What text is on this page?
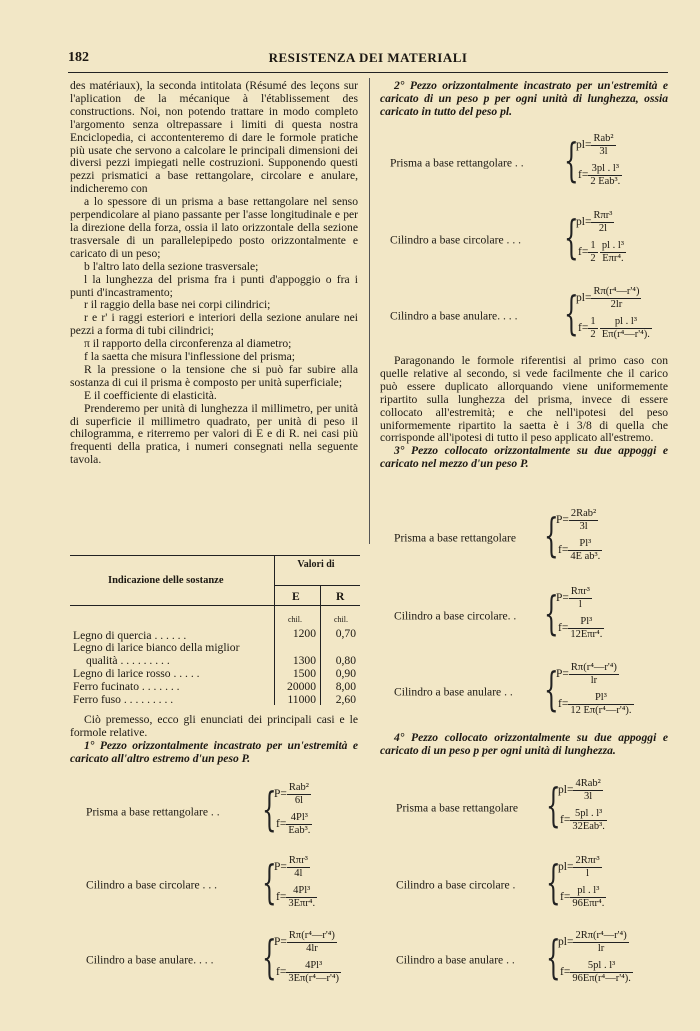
182	RESISTENZA DEI MATERIALI

des matériaux), la seconda intitolata (Résumé des leçons sur l'aplication de la mécanique à l'établissement des constructions. Noi, non potendo trattare in modo completo l'argomento senza oltrepassare i limiti di questa nostra Enciclopedia, ci accontenteremo di dare le formole pratiche più usate che servono a calcolare le principali dimensioni dei diversi pezzi impiegati nelle costruzioni. Supponendo questi pezzi prismatici a base rettangolare, circolare e anulare, indicheremo con

a lo spessore di un prisma a base rettangolare nel senso perpendicolare al piano passante per l'asse longitudinale e per la direzione della forza, ossia il lato orizzontale della sezione trasversale di un parallelepipedo posto orizzontalmente e caricato di un peso;

b l'altro lato della sezione trasversale;

l la lunghezza del prisma fra i punti d'appoggio o fra i punti d'incastramento;

r il raggio della base nei corpi cilindrici;

r e r' i raggi esteriori e interiori della sezione anulare nei pezzi a forma di tubi cilindrici;

π il rapporto della circonferenza al diametro;

f la saetta che misura l'inflessione del prisma;

R la pressione o la tensione che si può far subire alla sostanza di cui il prisma è composto per unità superficiale;

E il coefficiente di elasticità.

Prenderemo per unità di lunghezza il millimetro, per unità di superficie il millimetro quadrato, per unità di peso il chilogramma, e riterremo per valori di E e di R. nei casi più frequenti della pratica, i numeri consegnati nella seguente tavola.

Indicazione delle sostanze
Valori di
E	R
chil.	chil.
Legno di quercia . . . . . .	1200	0,70
Legno di larice bianco della miglior
qualità . . . . . . . . .	1300	0,80
Legno di larice rosso . . . . .	1500	0,90
Ferro fucinato . . . . . . .	20000	8,00
Ferro fuso . . . . . . . . .	11000	2,60

Ciò premesso, ecco gli enunciati dei principali casi e le formole relative.

1° Pezzo orizzontalmente incastrato per un'estremità e caricato all'altro estremo d'un peso P.

Prisma a base rettangolare . . {
$P= \frac{\text{Rab²}}{6l}$
$f= \frac{\text{4Pl³}}{\text{Eab³.}}$
Cilindro a base circolare . . . {
$P= \frac{\text{Rπr³}}{4l}$
$f= \frac{\text{4Pl³}}{\text{3Eπr⁴.}}$
Cilindro a base anulare. . . . {
$P= \frac{\text{Rπ(r⁴—r'⁴)}}{4lr}$
$f= \frac{\text{4Pl³}}{\text{3Eπ(r⁴—r'⁴)}}$
Prisma a base rettangolare . . {
$pl= \frac{\text{Rab²}}{3l}$
$f= \frac{\text{3pl . l³}}{\text{2 Eab³.}}$
Cilindro a base circolare . . . {
$pl= \frac{\text{Rπr³}}{2l}$
$f= \frac{1}{2}$
  $\frac{\text{pl . l³}}{\text{Eπr⁴.}}$
Cilindro a base anulare. . . . {
$pl= \frac{\text{Rπ(r⁴—r'⁴)}}{2lr}$
$f= \frac{1}{2}$
  $\frac{\text{pl . l³}}{\text{Eπ(r⁴—r'⁴).}}$
Prisma a base rettangolare {
$P= \frac{\text{2Rab²}}{3l}$
$f= \frac{\text{Pl³}}{\text{4E ab³.}}$
Cilindro a base circolare. . {
$P= \frac{\text{Rπr³}}{l}$
$f= \frac{\text{Pl³}}{\text{12Eπr⁴.}}$
Cilindro a base anulare . . {
$P= \frac{\text{Rπ(r⁴—r'⁴)}}{lr}$
$f= \frac{\text{Pl³}}{\text{12 Eπ(r⁴—r'⁴).}}$
Prisma a base rettangolare {
$pl= \frac{\text{4Rab²}}{3l}$
$f= \frac{\text{5pl . l³}}{\text{32Eab³.}}$
Cilindro a base circolare . {
$pl= \frac{\text{2Rπr³}}{l}$
$f= \frac{\text{pl . l³}}{\text{96Eπr⁴.}}$
Cilindro a base anulare . . {
$pl= \frac{\text{2Rπ(r⁴—r'⁴)}}{lr}$
$f= \frac{\text{5pl . l³}}{\text{96Eπ(r⁴—r'⁴).}}$

2° Pezzo orizzontalmente incastrato per un'estremità e caricato di un peso p per ogni unità di lunghezza, ossia caricato in tutto del peso pl.

Paragonando le formole riferentisi al primo caso con quelle relative al secondo, si vede facilmente che il carico può essere duplicato allorquando viene uniformemente ripartito sulla lunghezza del prisma, invece di essere collocato all'estremità; e che nell'ipotesi del peso uniformemente ripartito la saetta è i 3/8 di quella che corrisponde all'ipotesi di tutto il peso applicato all'estremo.

3° Pezzo collocato orizzontalmente su due appoggi e caricato nel mezzo d'un peso P.

4° Pezzo collocato orizzontalmente su due appoggi e caricato di un peso p per ogni unità di lunghezza.
